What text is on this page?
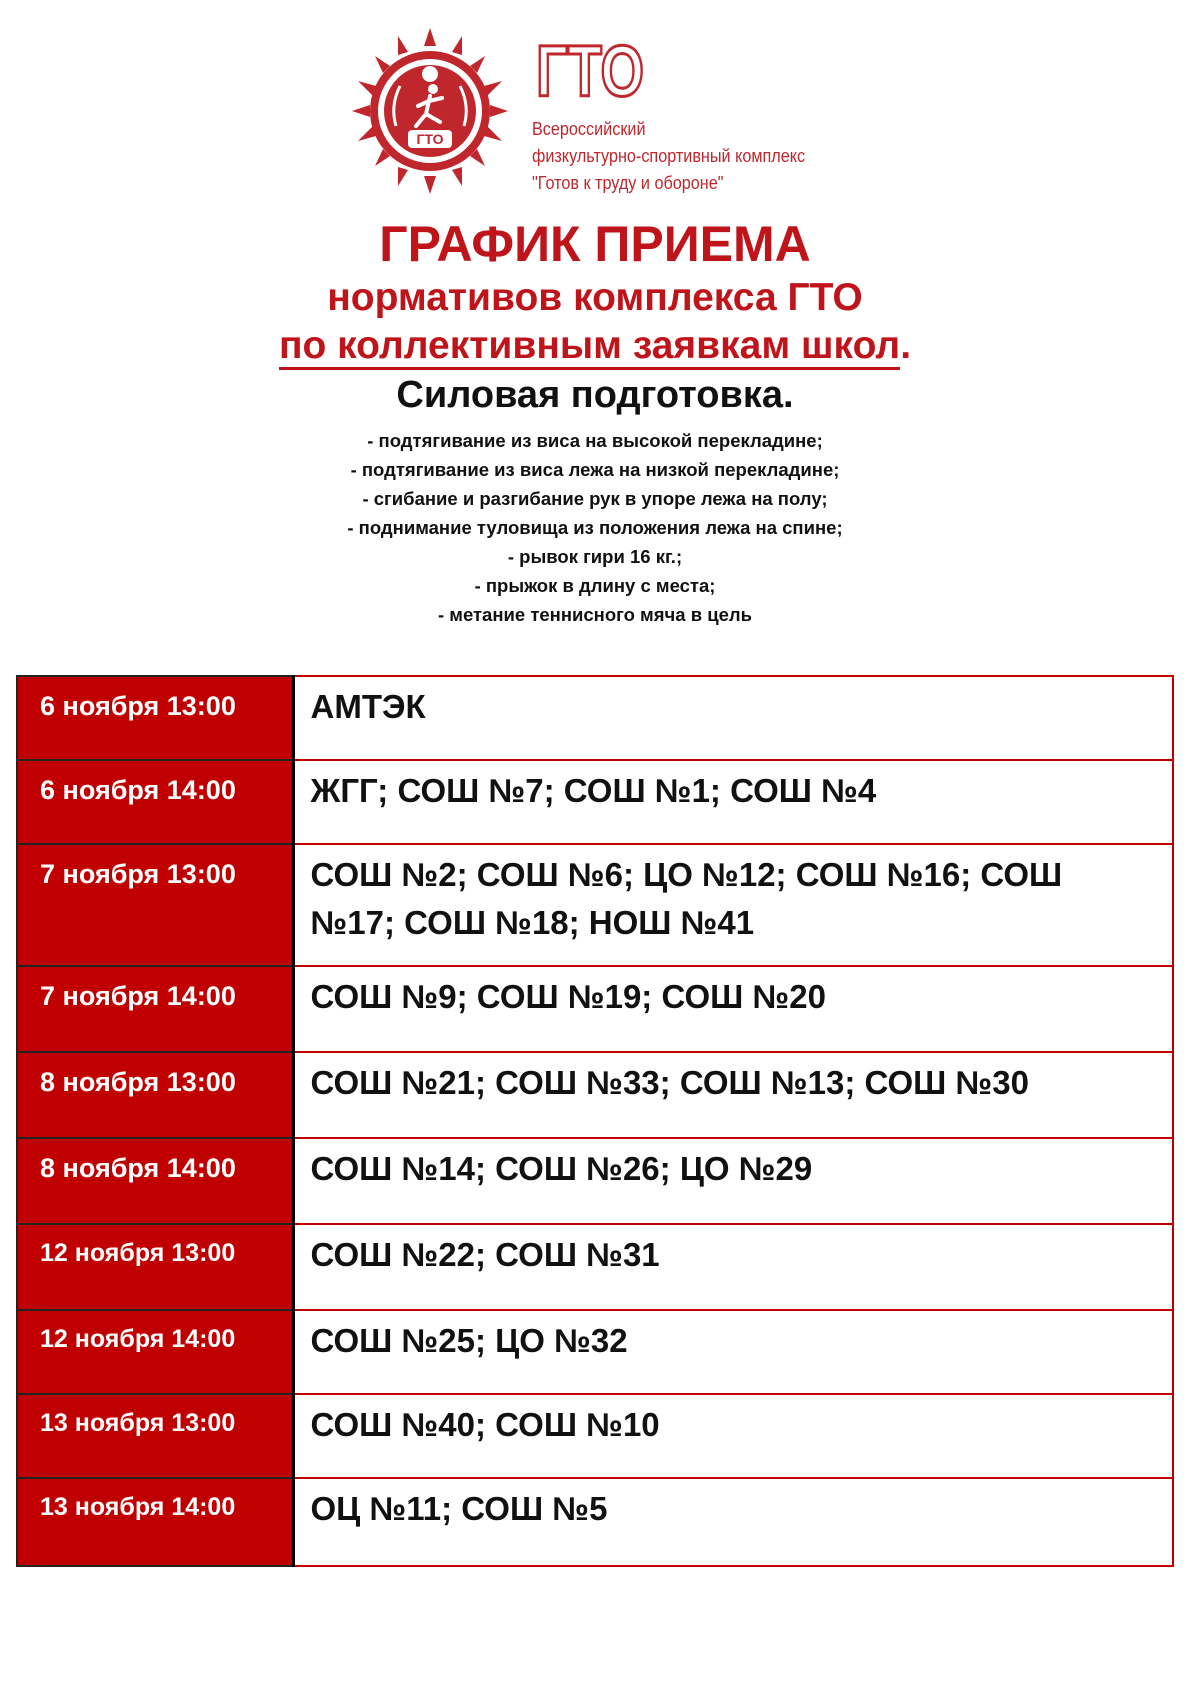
ГТО
ГТО
Всероссийский
физкультурно-спортивный комплекс
"Готов к труду и обороне"
ГРАФИК ПРИЕМА
нормативов комплекса ГТО
по коллективным заявкам школ.
Силовая подготовка.
- подтягивание из виса на высокой перекладине;
- подтягивание из виса лежа на низкой перекладине;
- сгибание и разгибание рук в упоре лежа на полу;
- поднимание туловища из положения лежа на спине;
- рывок гири 16 кг.;
- прыжок в длину с места;
- метание теннисного мяча в цель
6 ноября 13:00	АМТЭК
6 ноября 14:00	ЖГГ; СОШ №7; СОШ №1; СОШ №4
7 ноября 13:00	СОШ №2; СОШ №6; ЦО №12; СОШ №16; СОШ №17; СОШ №18; НОШ №41
7 ноября 14:00	СОШ №9; СОШ №19; СОШ №20
8 ноября 13:00	СОШ №21; СОШ №33; СОШ №13; СОШ №30
8 ноября 14:00	СОШ №14; СОШ №26; ЦО №29
12 ноября 13:00	СОШ №22; СОШ №31
12 ноября 14:00	СОШ №25; ЦО №32
13 ноября 13:00	СОШ №40; СОШ №10
13 ноября 14:00	ОЦ №11; СОШ №5
